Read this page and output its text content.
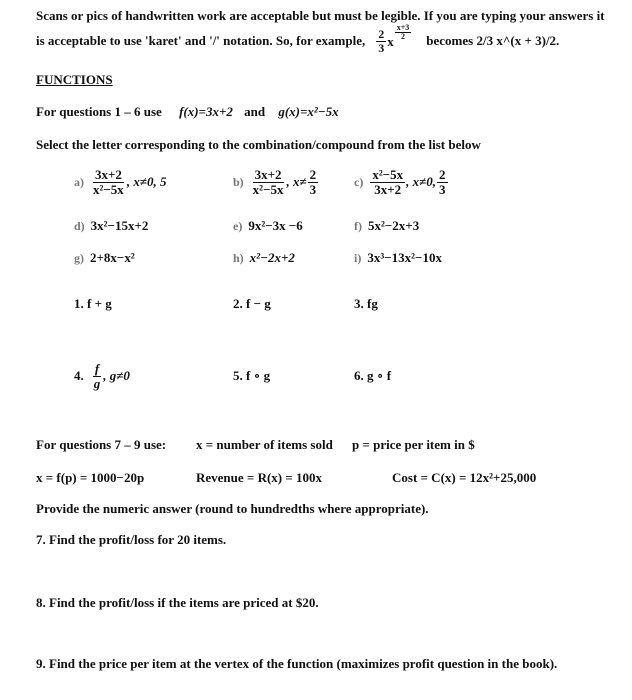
Scans or pics of handwritten work are acceptable but must be legible. If you are typing your answers it
is acceptable to use 'karet' and '/' notation. So, for example, $\frac{2}{3}$ x $\frac{x+3}{2}$ becomes 2/3 x^(x + 3)/2.
FUNCTIONS
For questions 1 – 6 use f(x)=3x+2 and g(x)=x²−5x
Select the letter corresponding to the combination/compound from the list below
$a) \frac{3x+2}{\text{x²−5x}}$ , x≠0, 5	$b) \frac{3x+2}{\text{x²−5x}}$ , $x\ne \frac{2}{3}$	$c) \frac{\text{x²−5x}}{3x+2}$ , x≠0, $\frac{2}{3}$
d) 3x²−15x+2	e) 9x²−3x −6	f) 5x²−2x+3
g) 2+8x−x²	h) x²−2x+2	i) 3x³−13x²−10x
1. f + g	2. f − g	3. fg
4. $\frac{f}{g}$ , g≠0	5. f ∘ g	6. g ∘ f
For questions 7 – 9 use: x = number of items sold p = price per item in $
x = f(p) = 1000−20p	Revenue = R(x) = 100x	Cost = C(x) = 12x²+25,000
Provide the numeric answer (round to hundredths where appropriate).
7. Find the profit/loss for 20 items.
8. Find the profit/loss if the items are priced at $20.
9. Find the price per item at the vertex of the function (maximizes profit question in the book).
